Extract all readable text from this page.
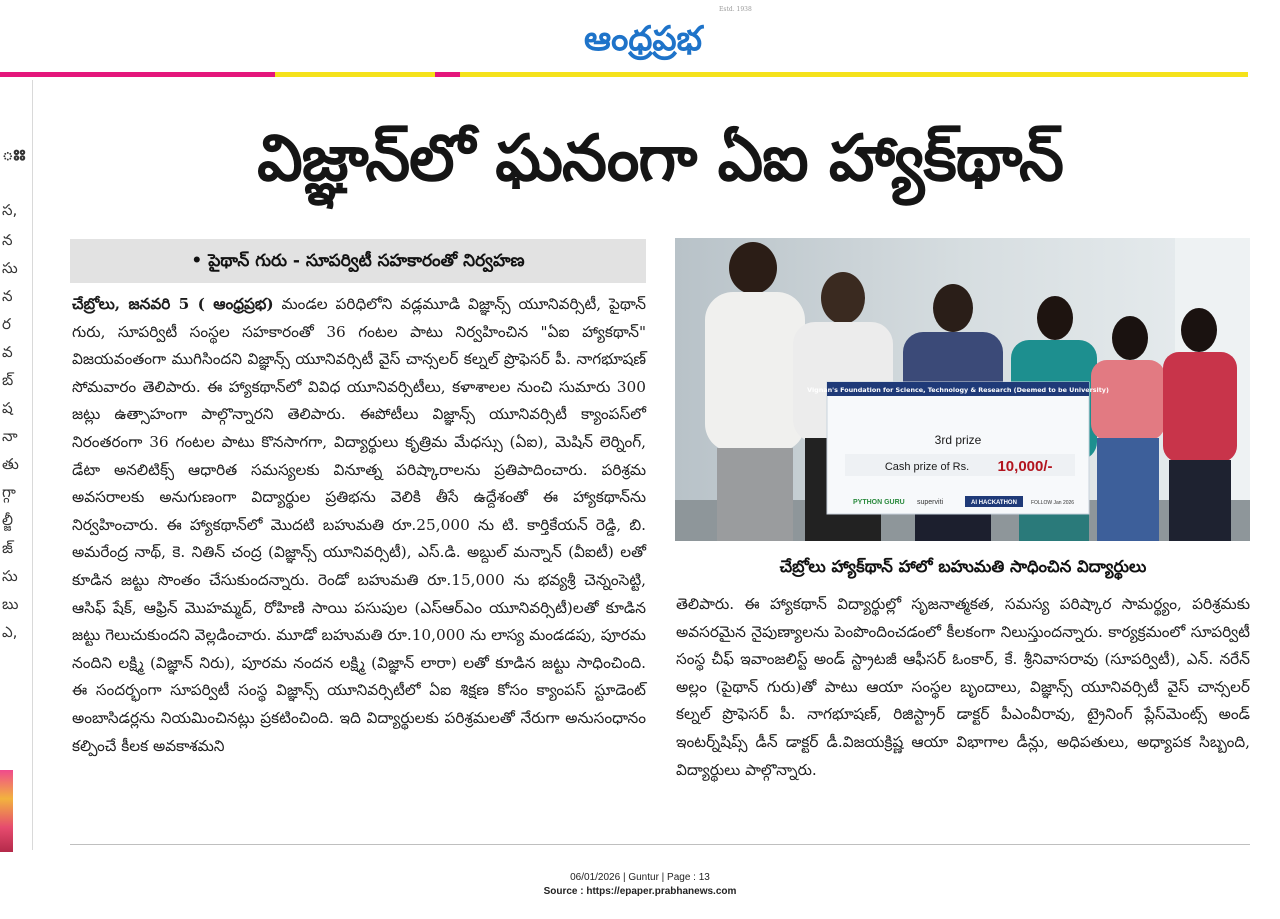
ఆంధ్రప్రభ
Estd. 1938
ఃః
స,
న
సు
న
ర
వ
బ్
ష
నా
తు
గ్గా
ల్జీ
జ్
సు
బు
ఎ,
విజ్ఞాన్‌లో ఘనంగా ఏఐ హ్యాక్‌థాన్
• పైథాన్ గురు - సూపర్విటీ సహకారంతో నిర్వహణ
చేబ్రోలు, జనవరి 5 ( ఆంధ్రప్రభ) మండల పరిధిలోని వడ్లమూడి విజ్ఞాన్స్ యూనివర్సిటీ, పైథాన్ గురు, సూపర్విటీ సంస్థల సహకారంతో 36 గంటల పాటు నిర్వహించిన "ఏఐ హ్యాకథాన్" విజయవంతంగా ముగిసిందని విజ్ఞాన్స్ యూనివర్సిటీ వైస్ చాన్సలర్ కల్నల్ ప్రొఫెసర్ పీ. నాగభూషణ్ సోమవారం తెలిపారు. ఈ హ్యాకథాన్‌లో వివిధ యూనివర్సిటీలు, కళాశాలల నుంచి సుమారు 300 జట్లు ఉత్సాహంగా పాల్గొన్నారని తెలిపారు. ఈపోటీలు విజ్ఞాన్స్ యూనివర్సిటీ క్యాంపస్‌లో నిరంతరంగా 36 గంటల పాటు కొనసాగగా, విద్యార్థులు కృత్రిమ మేధస్సు (ఏఐ), మెషిన్ లెర్నింగ్, డేటా అనలిటిక్స్ ఆధారిత సమస్యలకు వినూత్న పరిష్కారాలను ప్రతిపాదించారు. పరిశ్రమ అవసరాలకు అనుగుణంగా విద్యార్థుల ప్రతిభను వెలికి తీసే ఉద్దేశంతో ఈ హ్యాకథాన్‌ను నిర్వహించారు. ఈ హ్యాకథాన్‌లో మొదటి బహుమతి రూ.25,000 ను టి. కార్తికేయన్ రెడ్డి, బి. అమరేంద్ర నాథ్, కె. నితిన్ చంద్ర (విజ్ఞాన్స్ యూనివర్సిటీ), ఎస్.డి. అబ్దుల్ మన్నాన్ (వీఐటీ) లతో కూడిన జట్టు సొంతం చేసుకుందన్నారు. రెండో బహుమతి రూ.15,000 ను భవ్యశ్రీ చెన్నంసెట్టి, ఆసిఫ్ షేక్, ఆఫ్రిన్ మొహమ్మద్, రోహిణి సాయి పసుపుల (ఎస్ఆర్ఎం యూనివర్సిటీ)లతో కూడిన జట్టు గెలుచుకుందని వెల్లడించారు. మూడో బహుమతి రూ.10,000 ను లాస్య మండడపు, పూరమ నందిని లక్ష్మి (విజ్ఞాన్ నిరు), పూరమ నందన లక్ష్మి (విజ్ఞాన్ లారా) లతో కూడిన జట్టు సాధించింది. ఈ సందర్భంగా సూపర్విటీ సంస్థ విజ్ఞాన్స్ యూనివర్సిటీలో ఏఐ శిక్షణ కోసం క్యాంపస్ స్టూడెంట్ అంబాసిడర్లను నియమించినట్లు ప్రకటించింది. ఇది విద్యార్థులకు పరిశ్రమలతో నేరుగా అనుసంధానం కల్పించే కీలక అవకాశమని
Vignan's Foundation for Science, Technology & Research (Deemed to be University)
3rd prize
Cash prize of Rs. 10,000/-
PYTHON GURU superviti	AI HACKATHON	FOLLOW Jan 2026
చేబ్రోలు హ్యాక్‌థాన్ హాలో బహుమతి సాధించిన విద్యార్థులు
తెలిపారు. ఈ హ్యాకథాన్ విద్యార్థుల్లో సృజనాత్మకత, సమస్య పరిష్కార సామర్థ్యం, పరిశ్రమకు అవసరమైన నైపుణ్యాలను పెంపొందించడంలో కీలకంగా నిలుస్తుందన్నారు. కార్యక్రమంలో సూపర్విటీ సంస్థ చీఫ్ ఇవాంజలిస్ట్ అండ్ స్ట్రాటజీ ఆఫీసర్ ఓంకార్, కే. శ్రీనివాసరావు (సూపర్విటీ), ఎన్. నరేన్ అల్లం (పైథాన్ గురు)తో పాటు ఆయా సంస్థల బృందాలు, విజ్ఞాన్స్ యూనివర్సిటీ వైస్ చాన్సలర్ కల్నల్ ప్రొఫెసర్ పీ. నాగభూషణ్, రిజిస్ట్రార్ డాక్టర్ పీఎంవీరావు, ట్రైనింగ్ ప్లేస్‌మెంట్స్ అండ్ ఇంటర్న్‌షిప్స్ డీన్ డాక్టర్ డీ.విజయక్రిష్ణ ఆయా విభాగాల డీన్లు, అధిపతులు, అధ్యాపక సిబ్బంది, విద్యార్థులు పాల్గొన్నారు.
06/01/2026 | Guntur | Page : 13
Source : https://epaper.prabhanews.com
